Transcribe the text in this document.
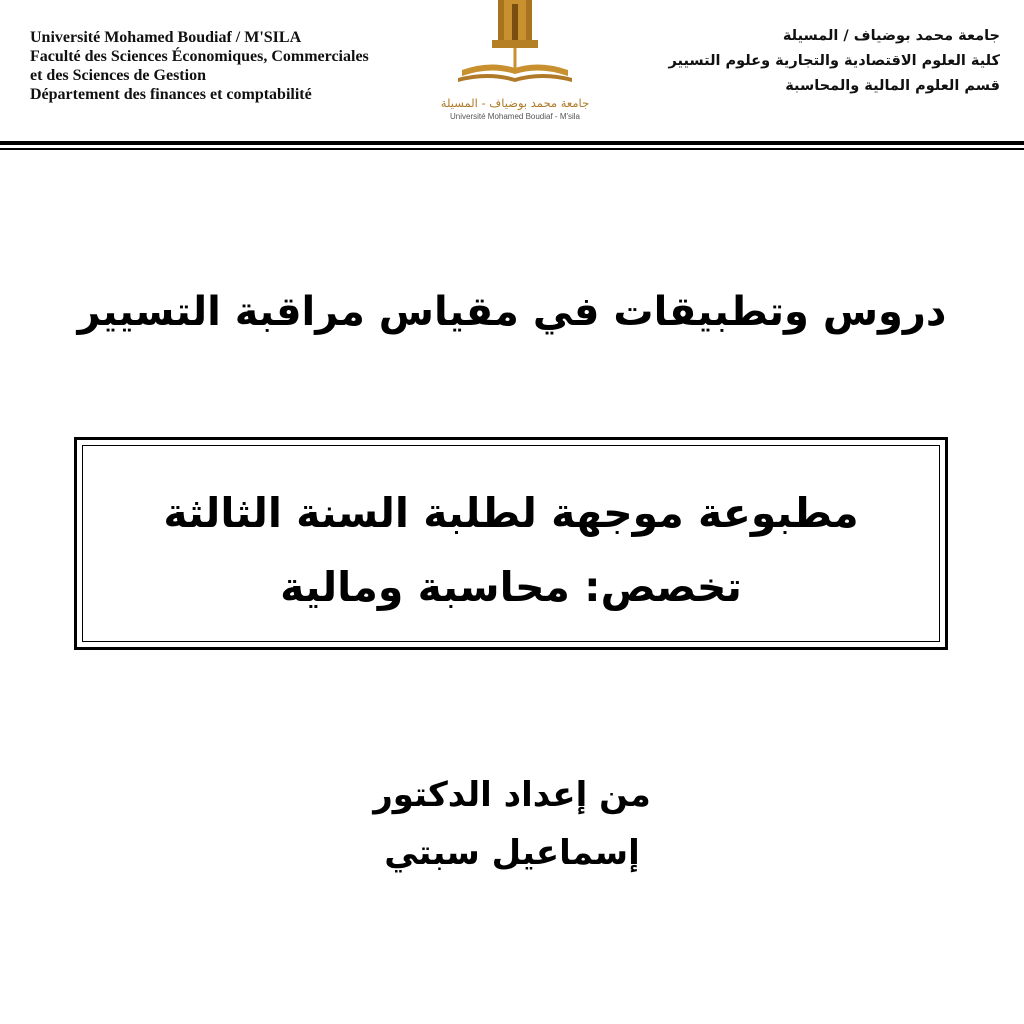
Université Mohamed Boudiaf / M'SILA
Faculté des Sciences Économiques, Commerciales
et des Sciences de Gestion
Département des finances et comptabilité	جامعة محمد بوضياف - المسيلة
Université Mohamed Boudiaf - M'sila
جامعة محمد بوضياف / المسيلة
كلية العلوم الاقتصادية والتجارية وعلوم التسيير
قسم العلوم المالية والمحاسبة
دروس وتطبيقات في مقياس مراقبة التسيير
مطبوعة موجهة لطلبة السنة الثالثة
تخصص: محاسبة ومالية
من إعداد الدكتور
إسماعيل سبتي
